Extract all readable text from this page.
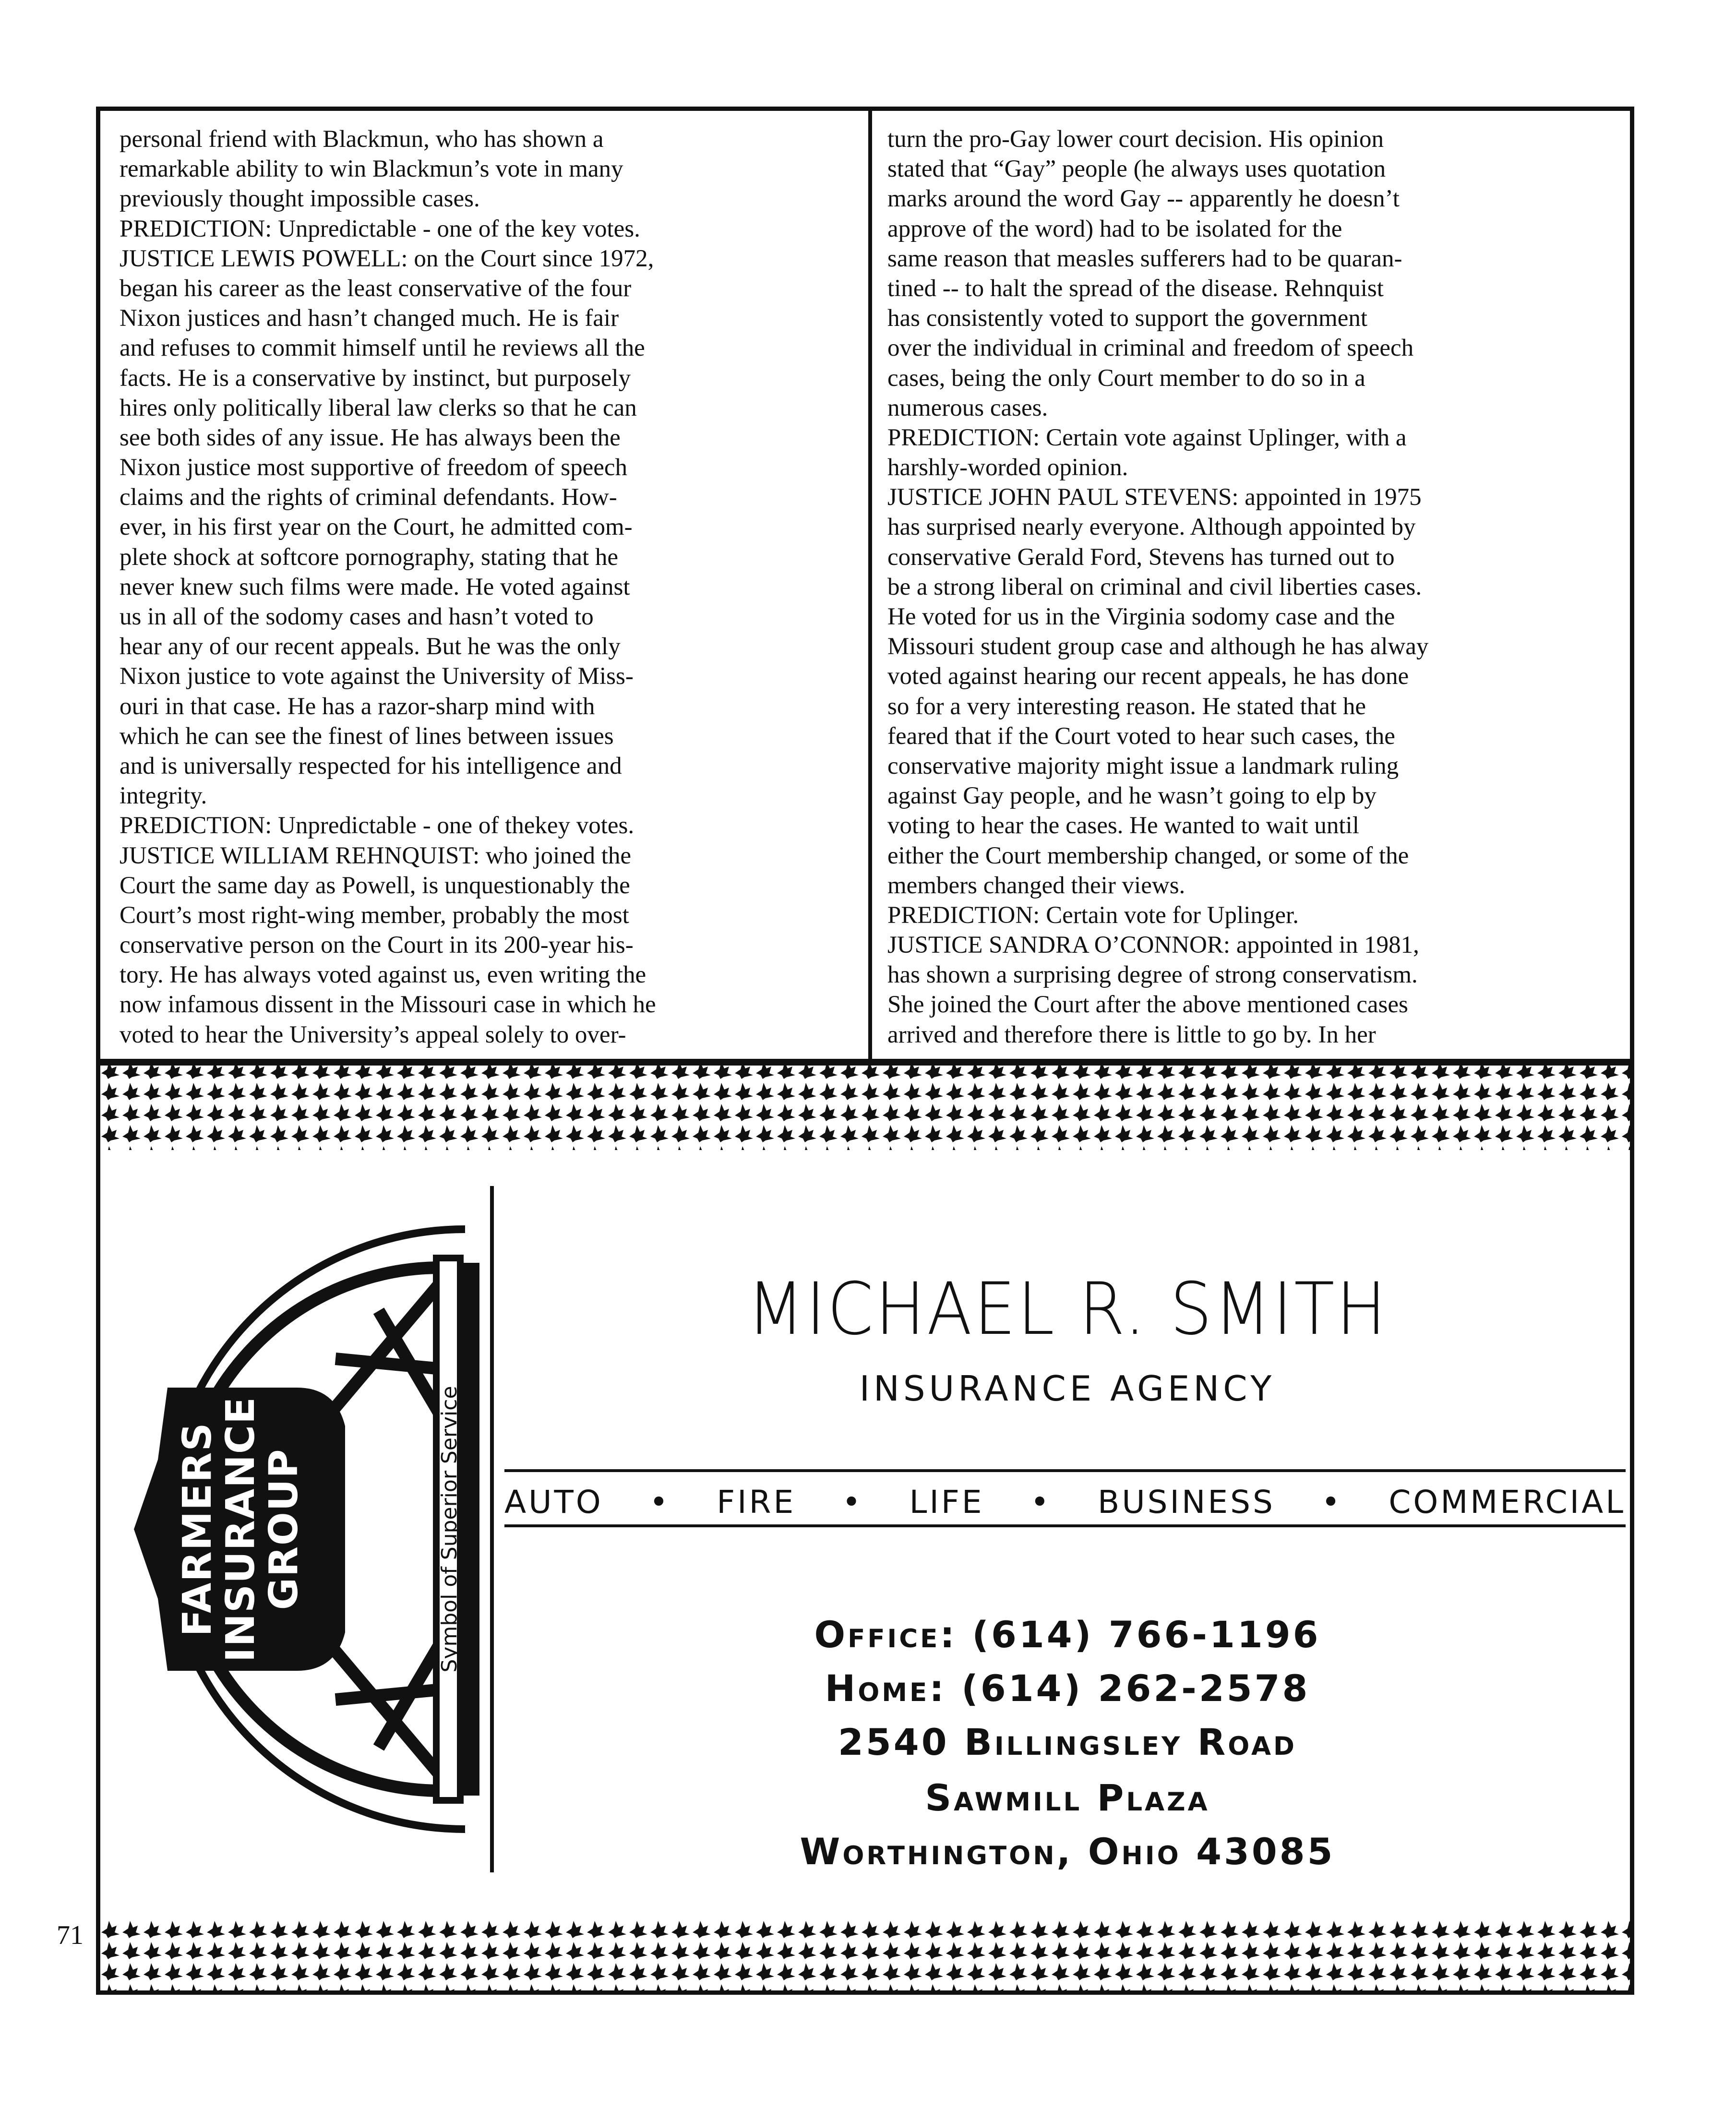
71
personal friend with Blackmun, who has shown a
remarkable ability to win Blackmun’s vote in many
previously thought impossible cases.
PREDICTION: Unpredictable - one of the key votes.
JUSTICE LEWIS POWELL: on the Court since 1972,
began his career as the least conservative of the four
Nixon justices and hasn’t changed much. He is fair
and refuses to commit himself until he reviews all the
facts. He is a conservative by instinct, but purposely
hires only politically liberal law clerks so that he can
see both sides of any issue. He has always been the
Nixon justice most supportive of freedom of speech
claims and the rights of criminal defendants. How-
ever, in his first year on the Court, he admitted com-
plete shock at softcore pornography, stating that he
never knew such films were made. He voted against
us in all of the sodomy cases and hasn’t voted to
hear any of our recent appeals. But he was the only
Nixon justice to vote against the University of Miss-
ouri in that case. He has a razor-sharp mind with
which he can see the finest of lines between issues
and is universally respected for his intelligence and
integrity.
PREDICTION: Unpredictable - one of thekey votes.
JUSTICE WILLIAM REHNQUIST: who joined the
Court the same day as Powell, is unquestionably the
Court’s most right-wing member, probably the most
conservative person on the Court in its 200-year his-
tory. He has always voted against us, even writing the
now infamous dissent in the Missouri case in which he
voted to hear the University’s appeal solely to over-
turn the pro-Gay lower court decision. His opinion
stated that “Gay” people (he always uses quotation
marks around the word Gay -- apparently he doesn’t
approve of the word) had to be isolated for the
same reason that measles sufferers had to be quaran-
tined -- to halt the spread of the disease. Rehnquist
has consistently voted to support the government
over the individual in criminal and freedom of speech
cases, being the only Court member to do so in a
numerous cases.
PREDICTION: Certain vote against Uplinger, with a
harshly-worded opinion.
JUSTICE JOHN PAUL STEVENS: appointed in 1975
has surprised nearly everyone. Although appointed by
conservative Gerald Ford, Stevens has turned out to
be a strong liberal on criminal and civil liberties cases.
He voted for us in the Virginia sodomy case and the
Missouri student group case and although he has alway
voted against hearing our recent appeals, he has done
so for a very interesting reason. He stated that he
feared that if the Court voted to hear such cases, the
conservative majority might issue a landmark ruling
against Gay people, and he wasn’t going to elp by
voting to hear the cases. He wanted to wait until
either the Court membership changed, or some of the
members changed their views.
PREDICTION: Certain vote for Uplinger.
JUSTICE SANDRA O’CONNOR: appointed in 1981,
has shown a surprising degree of strong conservatism.
She joined the Court after the above mentioned cases
arrived and therefore there is little to go by. In her
FARMERS
INSURANCE
GROUP	Symbol of Superior Service
MICHAEL R. SMITH
INSURANCE AGENCY
AUTO • FIRE • LIFE • BUSINESS • COMMERCIAL
Office: (614) 766-1196
Home: (614) 262-2578
2540 Billingsley Road
Sawmill Plaza
Worthington, Ohio 43085
